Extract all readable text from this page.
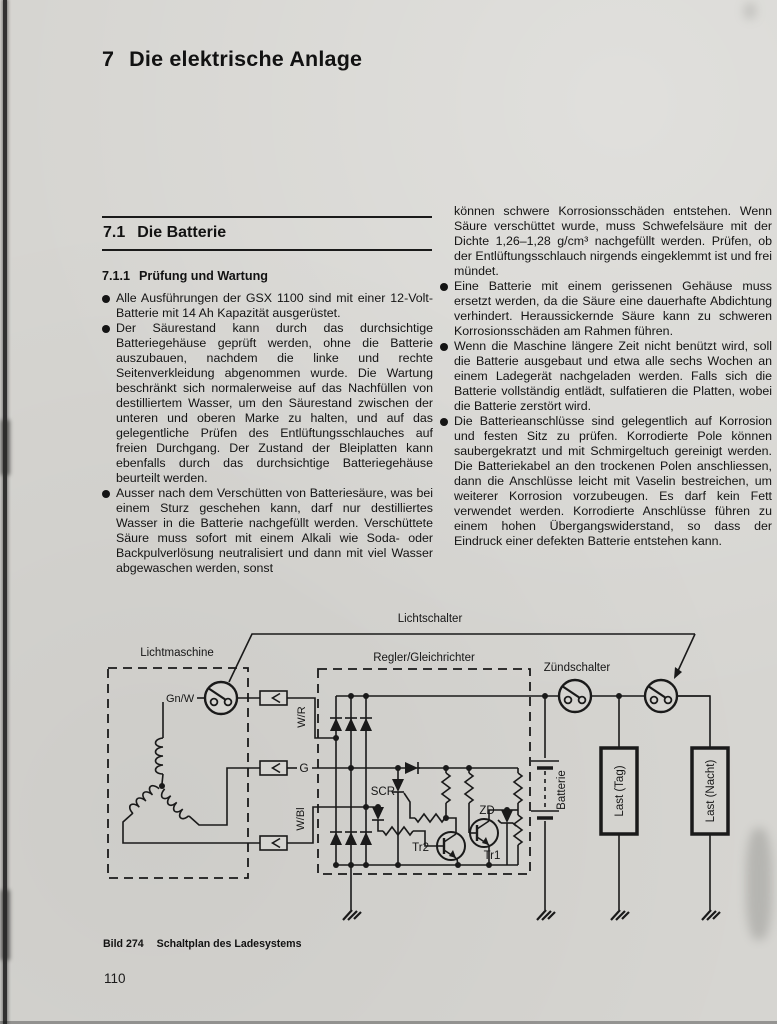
7 Die elektrische Anlage
7.1 Die Batterie
7.1.1 Prüfung und Wartung

Alle Ausführungen der GSX 1100 sind mit einer 12-Volt-Batterie mit 14 Ah Kapazität ausgerüstet.

Der Säurestand kann durch das durchsichtige Batteriegehäuse geprüft werden, ohne die Batterie auszubauen, nachdem die linke und rechte Seitenverkleidung abgenommen wurde. Die Wartung beschränkt sich normalerweise auf das Nachfüllen von destilliertem Wasser, um den Säurestand zwischen der unteren und oberen Marke zu halten, und auf das gelegentliche Prüfen des Entlüftungsschlauches auf freien Durchgang. Der Zustand der Bleiplatten kann ebenfalls durch das durchsichtige Batteriegehäuse beurteilt werden.

Ausser nach dem Verschütten von Batteriesäure, was bei einem Sturz geschehen kann, darf nur destilliertes Wasser in die Batterie nachgefüllt werden. Verschüttete Säure muss sofort mit einem Alkali wie Soda- oder Backpulverlösung neutralisiert und dann mit viel Wasser abgewaschen werden, sonst

können schwere Korrosionsschäden entstehen. Wenn Säure verschüttet wurde, muss Schwefelsäure mit der Dichte 1,26–1,28 g/cm³ nachgefüllt werden. Prüfen, ob der Entlüftungsschlauch nirgends eingeklemmt ist und frei mündet.

Eine Batterie mit einem gerissenen Gehäuse muss ersetzt werden, da die Säure eine dauerhafte Abdichtung verhindert. Heraussickernde Säure kann zu schweren Korrosionsschäden am Rahmen führen.

Wenn die Maschine längere Zeit nicht benützt wird, soll die Batterie ausgebaut und etwa alle sechs Wochen an einem Ladegerät nachgeladen werden. Falls sich die Batterie vollständig entlädt, sulfatieren die Platten, wobei die Batterie zerstört wird.

Die Batterieanschlüsse sind gelegentlich auf Korrosion und festen Sitz zu prüfen. Korrodierte Pole können saubergekratzt und mit Schmirgeltuch gereinigt werden. Die Batteriekabel an den trockenen Polen anschliessen, dann die Anschlüsse leicht mit Vaselin bestreichen, um weiterer Korrosion vorzubeugen. Es darf kein Fett verwendet werden. Korrodierte Anschlüsse führen zu einem hohen Übergangswiderstand, so dass der Eindruck einer defekten Batterie entstehen kann.

Lichtmaschine
Gn/W
Lichtschalter
Zündschalter
W/R
G
W/Bl
Regler/Gleichrichter
SCR
Tr2
Tr1
ZD
Batterie	Last (Tag)	Last (Nacht)
Bild 274 Schaltplan des Ladesystems
110
